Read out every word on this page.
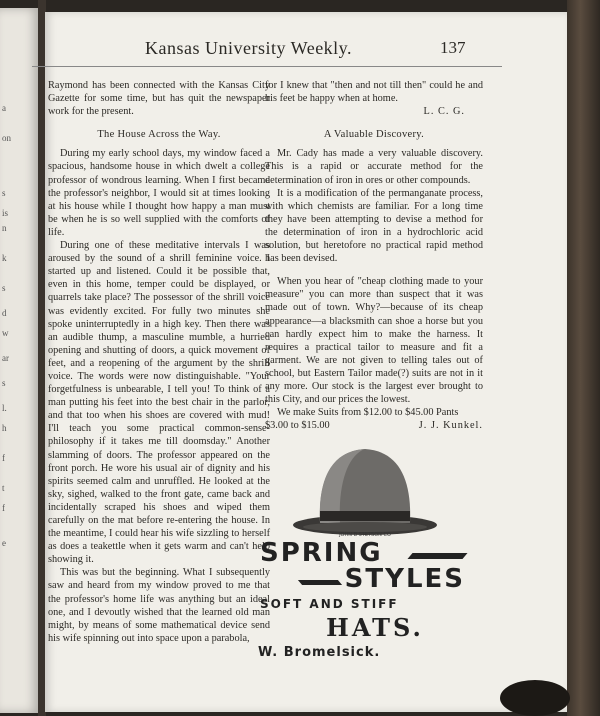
a
on
s
is
n
k
s
d
w
ar
s
l.
h
f
t
f
e
Kansas University Weekly.	137

Raymond has been connected with the Kansas City Gazette for some time, but has quit the newspaper work for the present.

The House Across the Way.

During my early school days, my window faced a spacious, handsome house in which dwelt a college professor of wondrous learning. When I first became the professor's neighbor, I would sit at times looking at his house while I thought how happy a man must be when he is so well supplied with the comforts of life.

During one of these meditative intervals I was aroused by the sound of a shrill feminine voice. I started up and listened. Could it be possible that, even in this home, temper could be displayed, or quarrels take place? The possessor of the shrill voice was evidently excited. For fully two minutes she spoke uninterruptedly in a high key. Then there was an audible thump, a masculine mumble, a hurried opening and shutting of doors, a quick movement of feet, and a reopening of the argument by the shrill voice. The words were now distinguishable. "Your forgetfulness is unbearable, I tell you! To think of a man putting his feet into the best chair in the parlor, and that too when his shoes are covered with mud! I'll teach you some practical common-sense-philosophy if it takes me till doomsday." Another slamming of doors. The professor appeared on the front porch. He wore his usual air of dignity and his spirits seemed calm and unruffled. He looked at the sky, sighed, walked to the front gate, came back and incidentally scraped his shoes and wiped them carefully on the mat before re-entering the house. In the meantime, I could hear his wife sizzling to herself as does a teakettle when it gets warm and can't help showing it.

This was but the beginning. What I subsequently saw and heard from my window proved to me that the professor's home life was anything but an ideal one, and I devoutly wished that the learned old man might, by means of some mathematical device send his wife spinning out into space upon a parabola,

for I knew that "then and not till then" could he and his feet be happy when at home.

L. C. G.
A Valuable Discovery.

Mr. Cady has made a very valuable discovery. This is a rapid or accurate method for the determination of iron in ores or other compounds.

It is a modification of the permanganate process, with which chemists are familiar. For a long time they have been attempting to devise a method for the determination of iron in a hydrochloric acid solution, but heretofore no practical rapid method has been devised.

When you hear of "cheap clothing made to your measure" you can more than suspect that it was made out of town. Why?—because of its cheap appearance—a blacksmith can shoe a horse but you can hardly expect him to make the harness. It requires a practical tailor to measure and fit a garment. We are not given to telling tales out of school, but Eastern Tailor made(?) suits are not in it any more. Our stock is the largest ever brought to this City, and our prices the lowest.

We make Suits from $12.00 to $45.00 Pants

$3.00 to $15.00	J. J. Kunkel.
JOHN B STETSON CO
SPRING
STYLES
SOFT AND STIFF
HATS.
W. Bromelsick.
